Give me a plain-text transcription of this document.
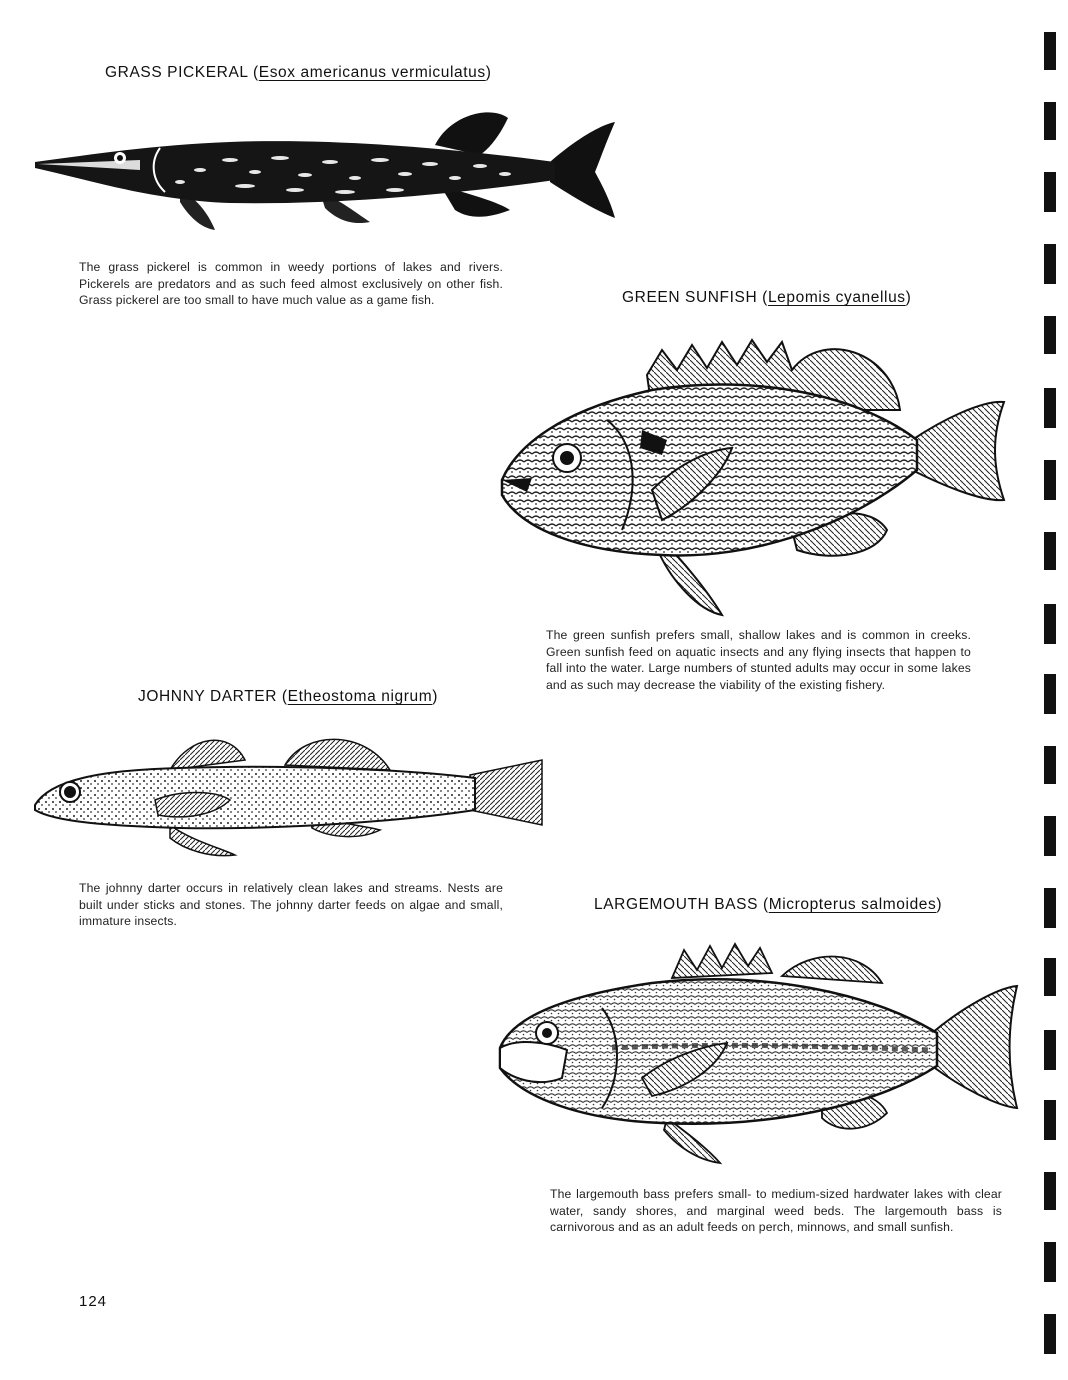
GRASS PICKERAL (Esox americanus vermiculatus)
The grass pickerel is common in weedy portions of lakes and rivers. Pickerels are predators and as such feed almost exclusively on other fish. Grass pickerel are too small to have much value as a game fish.	GREEN SUNFISH (Lepomis cyanellus)
The green sunfish prefers small, shallow lakes and is common in creeks. Green sunfish feed on aquatic insects and any flying insects that happen to fall into the water. Large numbers of stunted adults may occur in some lakes and as such may decrease the viability of the existing fishery.
JOHNNY DARTER (Etheostoma nigrum)
The johnny darter occurs in relatively clean lakes and streams. Nests are built under sticks and stones. The johnny darter feeds on algae and small, immature insects.
LARGEMOUTH BASS (Micropterus salmoides)
The largemouth bass prefers small- to medium-sized hardwater lakes with clear water, sandy shores, and marginal weed beds. The largemouth bass is carnivorous and as an adult feeds on perch, minnows, and small sunfish.
124
